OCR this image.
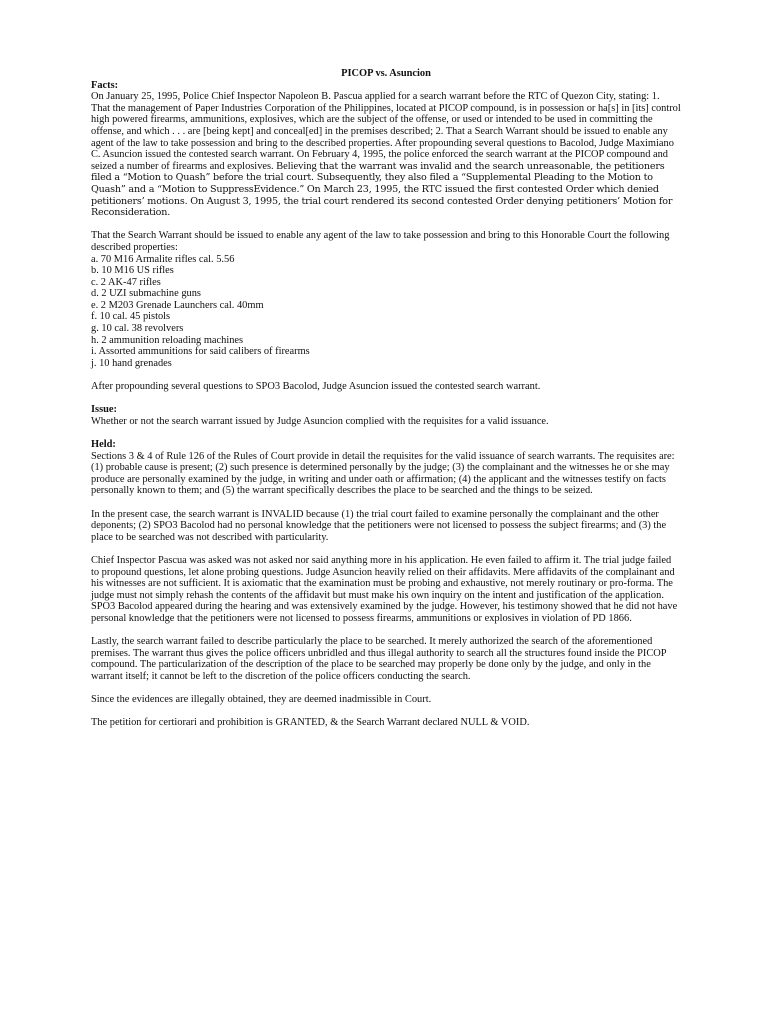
PICOP vs. Asuncion

Facts:

On January 25, 1995, Police Chief Inspector Napoleon B. Pascua applied for a search warrant before the RTC of Quezon City, stating: 1. That the management of Paper Industries Corporation of the Philippines, located at PICOP compound, is in possession or ha[s] in [its] control high powered firearms, ammunitions, explosives, which are the subject of the offense, or used or intended to be used in committing the offense, and which . . . are [being kept] and conceal[ed] in the premises described; 2. That a Search Warrant should be issued to enable any agent of the law to take possession and bring to the described properties. After propounding several questions to Bacolod, Judge Maximiano C. Asuncion issued the contested search warrant. On February 4, 1995, the police enforced the search warrant at the PICOP compound and seized a number of firearms and explosives. Believing that the warrant was invalid and the search unreasonable, the petitioners filed a “Motion to Quash” before the trial court. Subsequently, they also filed a “Supplemental Pleading to the Motion to Quash” and a “Motion to SuppressEvidence.” On March 23, 1995, the RTC issued the first contested Order which denied petitioners’ motions. On August 3, 1995, the trial court rendered its second contested Order denying petitioners’ Motion for Reconsideration.

That the Search Warrant should be issued to enable any agent of the law to take possession and bring to this Honorable Court the following described properties:

a. 70 M16 Armalite rifles cal. 5.56
b. 10 M16 US rifles
c. 2 AK-47 rifles
d. 2 UZI submachine guns
e. 2 M203 Grenade Launchers cal. 40mm
f. 10 cal. 45 pistols
g. 10 cal. 38 revolvers
h. 2 ammunition reloading machines
i. Assorted ammunitions for said calibers of firearms
j. 10 hand grenades

After propounding several questions to SPO3 Bacolod, Judge Asuncion issued the contested search warrant.

Issue:

Whether or not the search warrant issued by Judge Asuncion complied with the requisites for a valid issuance.

Held:

Sections 3 & 4 of Rule 126 of the Rules of Court provide in detail the requisites for the valid issuance of search warrants. The requisites are: (1) probable cause is present; (2) such presence is determined personally by the judge; (3) the complainant and the witnesses he or she may produce are personally examined by the judge, in writing and under oath or affirmation; (4) the applicant and the witnesses testify on facts personally known to them; and (5) the warrant specifically describes the place to be searched and the things to be seized.

In the present case, the search warrant is INVALID because (1) the trial court failed to examine personally the complainant and the other deponents; (2) SPO3 Bacolod had no personal knowledge that the petitioners were not licensed to possess the subject firearms; and (3) the place to be searched was not described with particularity.

Chief Inspector Pascua was asked was not asked nor said anything more in his application. He even failed to affirm it. The trial judge failed to propound questions, let alone probing questions. Judge Asuncion heavily relied on their affidavits. Mere affidavits of the complainant and his witnesses are not sufficient. It is axiomatic that the examination must be probing and exhaustive, not merely routinary or pro-forma. The judge must not simply rehash the contents of the affidavit but must make his own inquiry on the intent and justification of the application.

SPO3 Bacolod appeared during the hearing and was extensively examined by the judge. However, his testimony showed that he did not have personal knowledge that the petitioners were not licensed to possess firearms, ammunitions or explosives in violation of PD 1866.

Lastly, the search warrant failed to describe particularly the place to be searched. It merely authorized the search of the aforementioned premises. The warrant thus gives the police officers unbridled and thus illegal authority to search all the structures found inside the PICOP compound. The particularization of the description of the place to be searched may properly be done only by the judge, and only in the warrant itself; it cannot be left to the discretion of the police officers conducting the search.

Since the evidences are illegally obtained, they are deemed inadmissible in Court.

The petition for certiorari and prohibition is GRANTED, & the Search Warrant declared NULL & VOID.
